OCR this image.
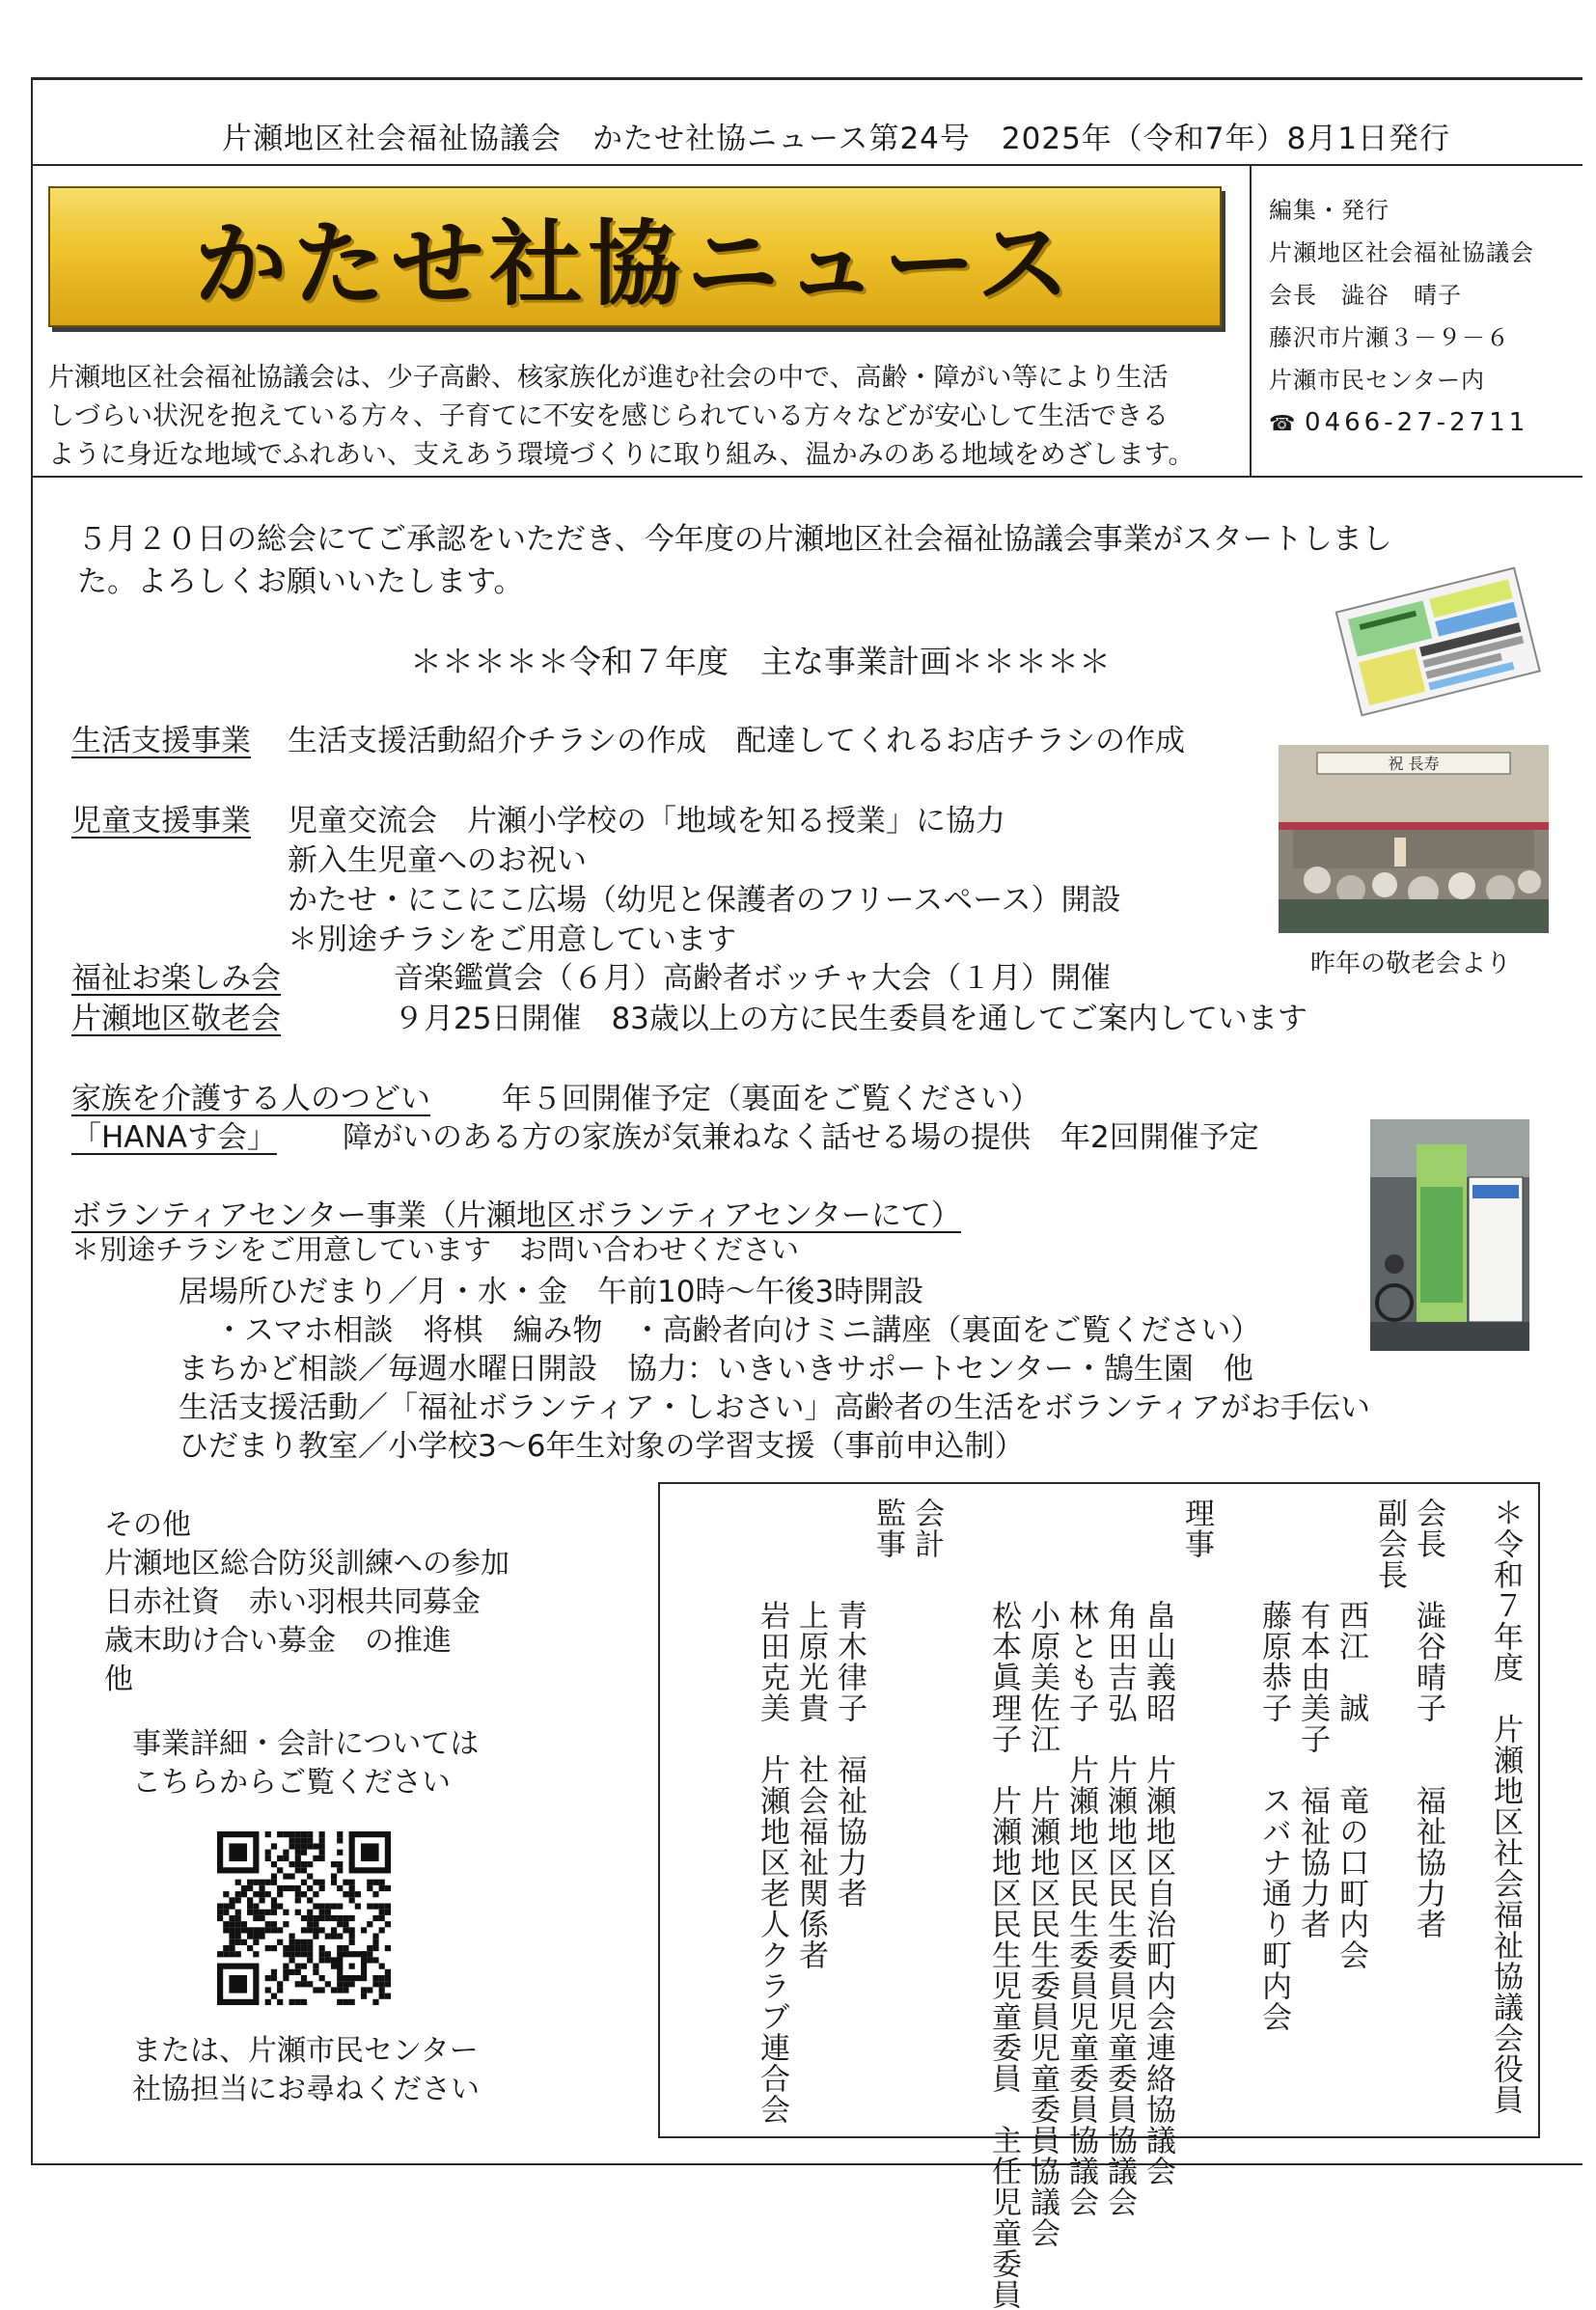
片瀬地区社会福祉協議会　かたせ社協ニュース第24号　2025年（令和7年）8月1日発行
かたせ社協ニュース
片瀬地区社会福祉協議会は、少子高齢、核家族化が進む社会の中で、高齢・障がい等により生活
しづらい状況を抱えている方々、子育てに不安を感じられている方々などが安心して生活できる
ように身近な地域でふれあい、支えあう環境づくりに取り組み、温かみのある地域をめざします。
編集・発行
片瀬地区社会福祉協議会
会長　澁谷　晴子
藤沢市片瀬３－９－６
片瀬市民センター内
☎ 0466-27-2711
５月２０日の総会にてご承認をいただき、今年度の片瀬地区社会福祉協議会事業がスタートしまし
た。よろしくお願いいたします。
＊＊＊＊＊令和７年度　主な事業計画＊＊＊＊＊
生活支援事業 生活支援活動紹介チラシの作成　配達してくれるお店チラシの作成
児童支援事業 児童交流会　片瀬小学校の「地域を知る授業」に協力
新入生児童へのお祝い
かたせ・にこにこ広場（幼児と保護者のフリースペース）開設
＊別途チラシをご用意しています
福祉お楽しみ会	音楽鑑賞会（６月）高齢者ボッチャ大会（１月）開催
片瀬地区敬老会	９月25日開催　83歳以上の方に民生委員を通してご案内しています
家族を介護する人のつどい 年５回開催予定（裏面をご覧ください）
「HANAす会」 障がいのある方の家族が気兼ねなく話せる場の提供　年2回開催予定
ボランティアセンター事業（片瀬地区ボランティアセンターにて）
＊別途チラシをご用意しています　お問い合わせください
居場所ひだまり／月・水・金　午前10時～午後3時開設
・スマホ相談　将棋　編み物　・高齢者向けミニ講座（裏面をご覧ください）
まちかど相談／毎週水曜日開設　協力：いきいきサポートセンター・鵠生園　他
生活支援活動／「福祉ボランティア・しおさい」高齢者の生活をボランティアがお手伝い
ひだまり教室／小学校3～6年生対象の学習支援（事前申込制）
祝 長寿
昨年の敬老会より
その他
片瀬地区総合防災訓練への参加
日赤社資　赤い羽根共同募金
歳末助け合い募金　の推進
他
事業詳細・会計については
こちらからご覧ください
または、片瀬市民センター
社協担当にお尋ねください	＊令和７年度　片瀬地区社会福祉協議会役員
会長
澁谷晴子　　福祉協力者
副会長
西江　誠　　竜の口町内会
有本由美子　福祉協力者
藤原恭子　　スバナ通り町内会
理事
畠山義昭　片瀬地区自治町内会連絡協議会
角田吉弘　片瀬地区民生委員児童委員協議会
林とも子　片瀬地区民生委員児童委員協議会
小原美佐江　片瀬地区民生委員児童委員協議会
松本眞理子　片瀬地区民生児童委員　主任児童委員
会計
監事
青木律子　福祉協力者
上原光貴　社会福祉関係者
岩田克美　片瀬地区老人クラブ連合会
